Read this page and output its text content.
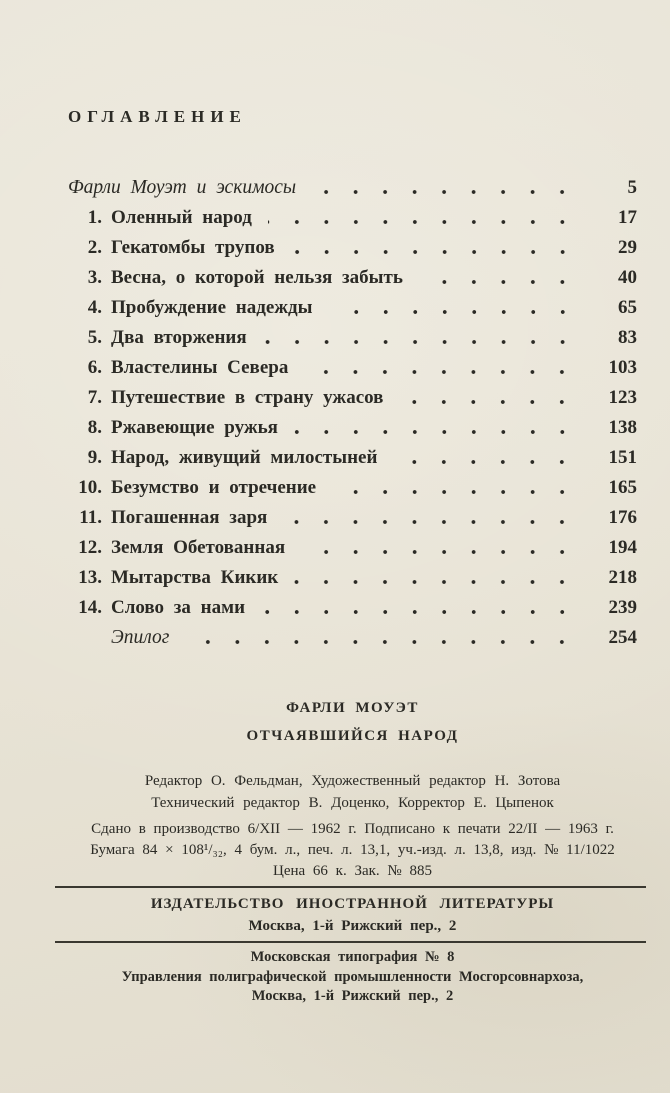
ОГЛАВЛЕНИЕ
Фарли Моуэт и эскимосы	5
1. Оленный народ	17
2. Гекатомбы трупов	29
3. Весна, о которой нельзя забыть	40
4. Пробуждение надежды	65
5. Два вторжения	83
6. Властелины Севера	103
7. Путешествие в страну ужасов	123
8. Ржавеющие ружья	138
9. Народ, живущий милостыней	151
10. Безумство и отречение	165
11. Погашенная заря	176
12. Земля Обетованная	194
13. Мытарства Кикик	218
14. Слово за нами	239
Эпилог	254
ФАРЛИ МОУЭТ
ОТЧАЯВШИЙСЯ НАРОД
Редактор О. Фельдман, Художественный редактор Н. Зотова
Технический редактор В. Доценко, Корректор Е. Цыпенок
Сдано в производство 6/XII — 1962 г. Подписано к печати 22/II — 1963 г.
Бумага 84 × 108¹/₃₂, 4 бум. л., печ. л. 13,1, уч.-изд. л. 13,8, изд. № 11/1022
Цена 66 к. Зак. № 885
ИЗДАТЕЛЬСТВО ИНОСТРАННОЙ ЛИТЕРАТУРЫ
Москва, 1-й Рижский пер., 2
Московская типография № 8
Управления полиграфической промышленности Мосгорсовнархоза,
Москва, 1-й Рижский пер., 2
